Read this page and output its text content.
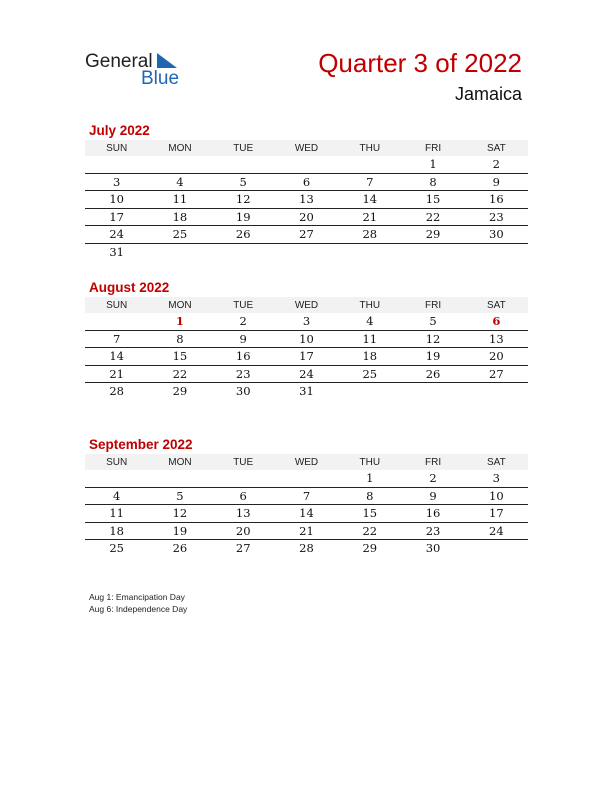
General
Blue
Quarter 3 of 2022
Jamaica
July 2022
SUN	MON	TUE	WED	THU	FRI	SAT
					1	2
3	4	5	6	7	8	9
10	11	12	13	14	15	16
17	18	19	20	21	22	23
24	25	26	27	28	29	30
31						
August 2022
SUN	MON	TUE	WED	THU	FRI	SAT
	1	2	3	4	5	6
7	8	9	10	11	12	13
14	15	16	17	18	19	20
21	22	23	24	25	26	27
28	29	30	31			
September 2022
SUN	MON	TUE	WED	THU	FRI	SAT
				1	2	3
4	5	6	7	8	9	10
11	12	13	14	15	16	17
18	19	20	21	22	23	24
25	26	27	28	29	30	
Aug 1: Emancipation Day
Aug 6: Independence Day
